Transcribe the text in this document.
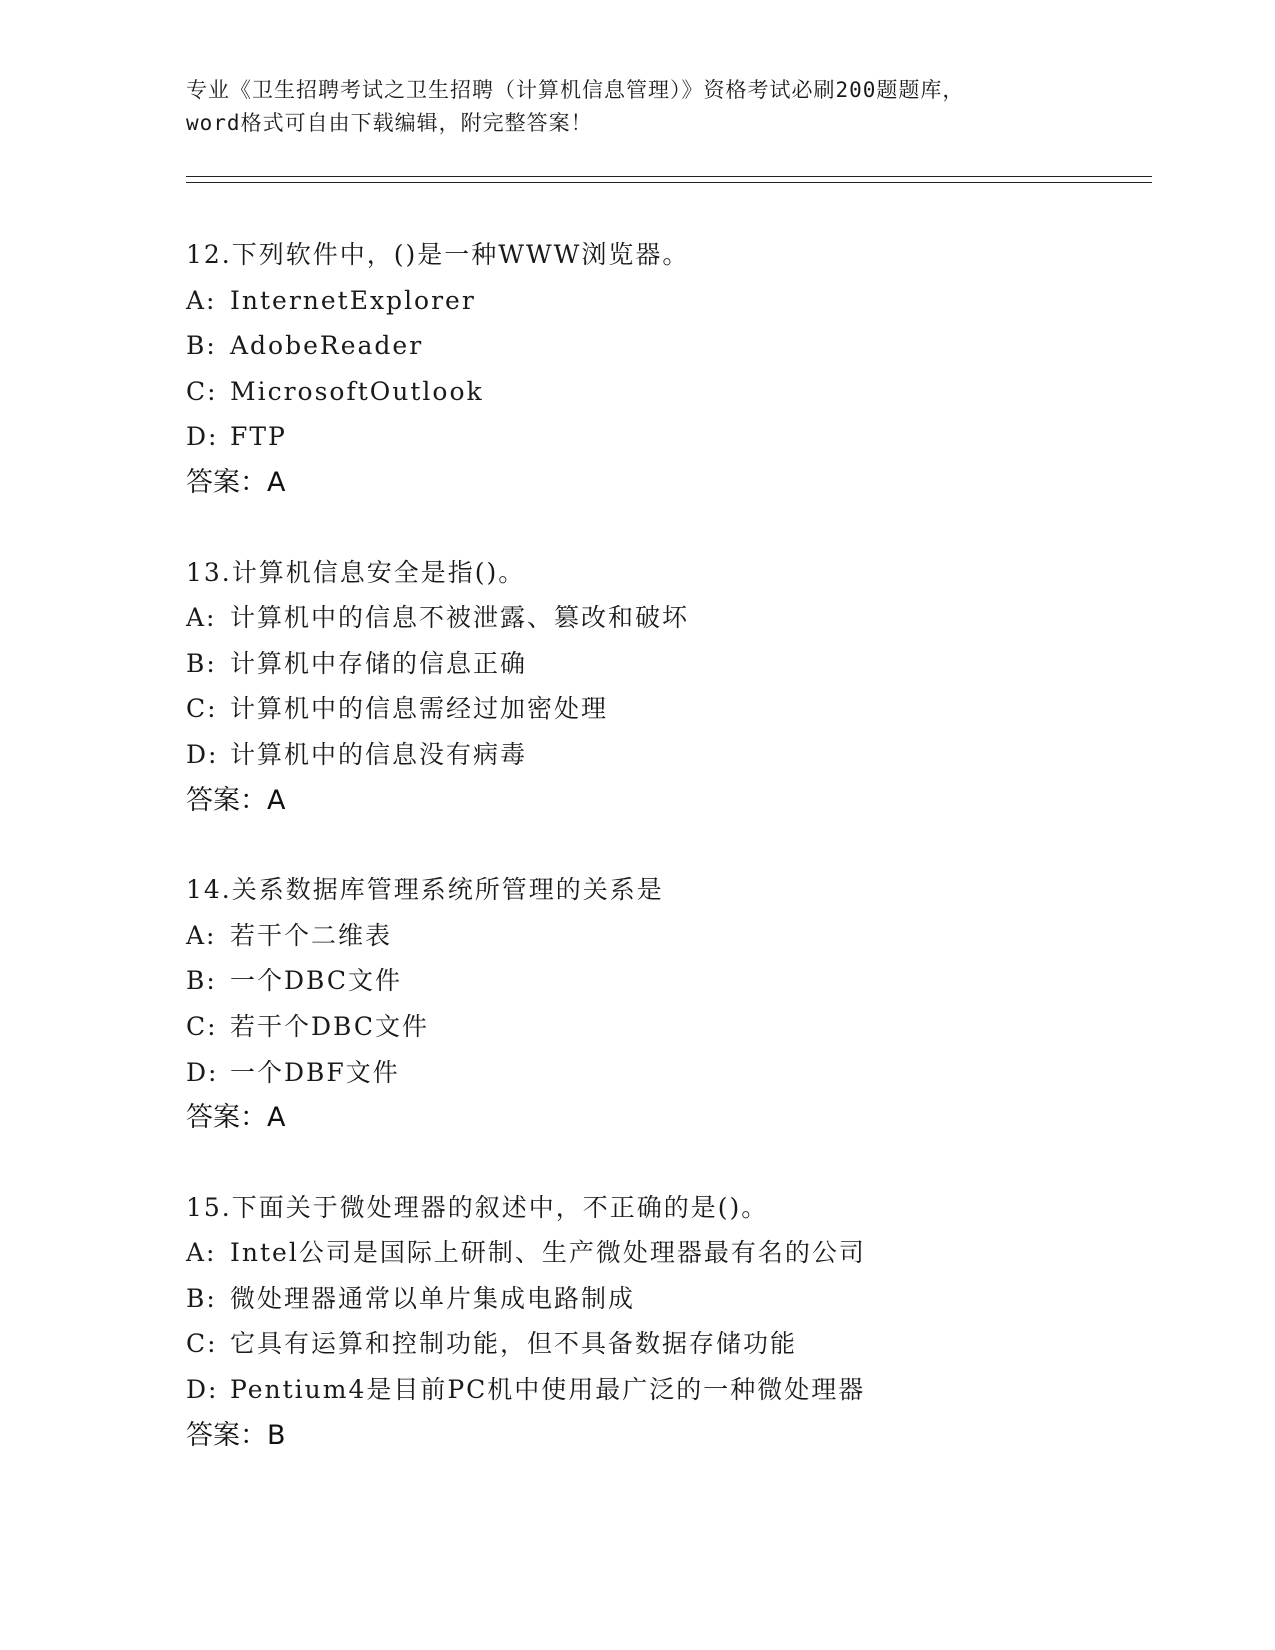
专业《卫生招聘考试之卫生招聘（计算机信息管理）》资格考试必刷200题题库，
word格式可自由下载编辑，附完整答案！
12.下列软件中，()是一种WWW浏览器。
A: InternetExplorer
B: AdobeReader
C: MicrosoftOutlook
D: FTP
答案：A
13.计算机信息安全是指()。
A: 计算机中的信息不被泄露、篡改和破坏
B: 计算机中存储的信息正确
C: 计算机中的信息需经过加密处理
D: 计算机中的信息没有病毒
答案：A
14.关系数据库管理系统所管理的关系是
A: 若干个二维表
B: 一个DBC文件
C: 若干个DBC文件
D: 一个DBF文件
答案：A
15.下面关于微处理器的叙述中，不正确的是()。
A: Intel公司是国际上研制、生产微处理器最有名的公司
B: 微处理器通常以单片集成电路制成
C: 它具有运算和控制功能，但不具备数据存储功能
D: Pentium4是目前PC机中使用最广泛的一种微处理器
答案：B
